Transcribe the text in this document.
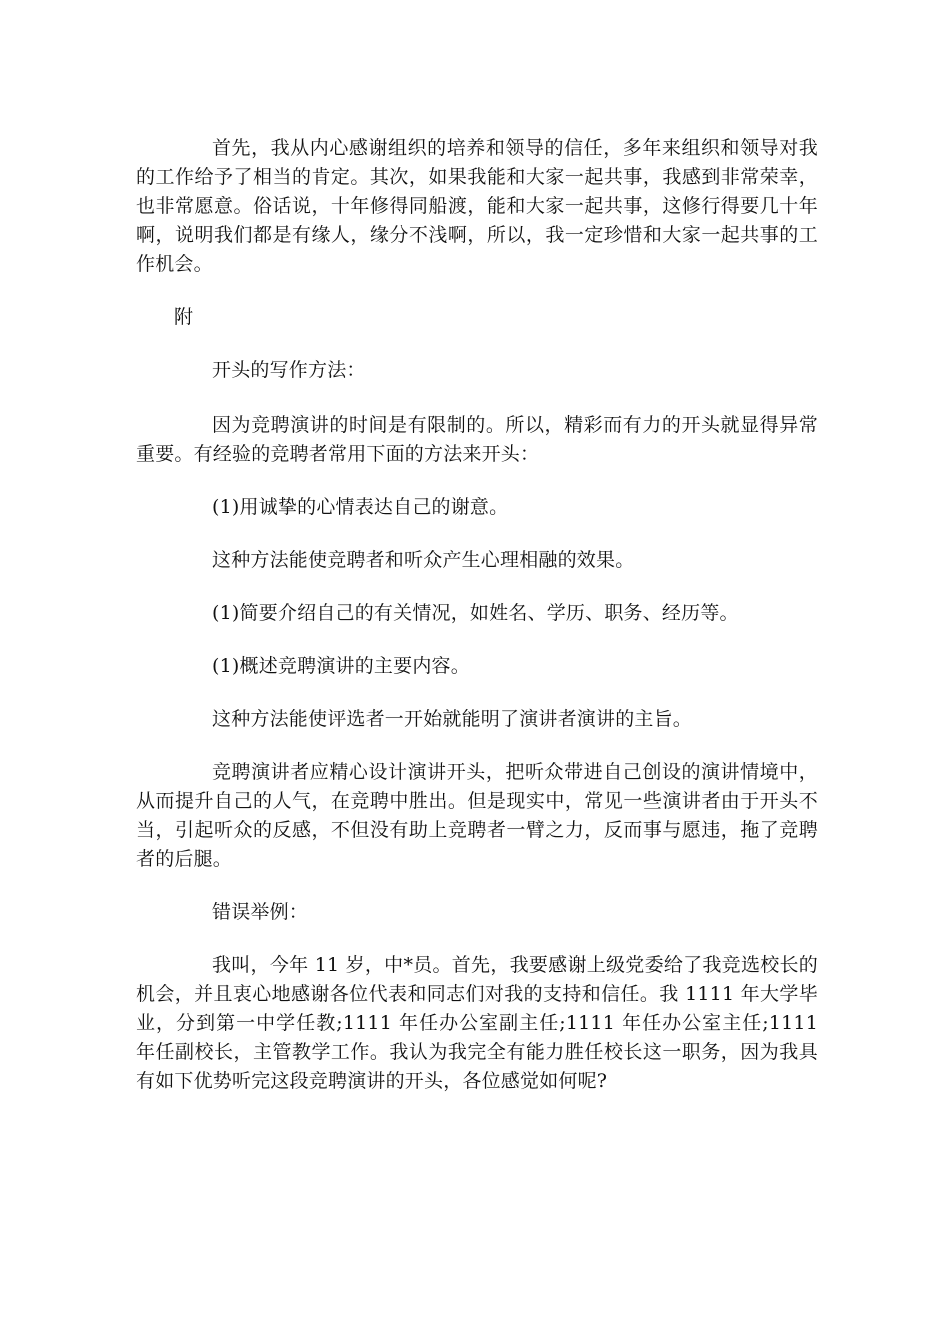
首先，我从内心感谢组织的培养和领导的信任，多年来组织和领导对我的工作给予了相当的肯定。其次，如果我能和大家一起共事，我感到非常荣幸，也非常愿意。俗话说，十年修得同船渡，能和大家一起共事，这修行得要几十年啊，说明我们都是有缘人，缘分不浅啊，所以，我一定珍惜和大家一起共事的工作机会。

附

开头的写作方法：

因为竞聘演讲的时间是有限制的。所以，精彩而有力的开头就显得异常重要。有经验的竞聘者常用下面的方法来开头：

(1)用诚挚的心情表达自己的谢意。

这种方法能使竞聘者和听众产生心理相融的效果。

(1)简要介绍自己的有关情况，如姓名、学历、职务、经历等。

(1)概述竞聘演讲的主要内容。

这种方法能使评选者一开始就能明了演讲者演讲的主旨。

竞聘演讲者应精心设计演讲开头，把听众带进自己创设的演讲情境中，从而提升自己的人气，在竞聘中胜出。但是现实中，常见一些演讲者由于开头不当，引起听众的反感，不但没有助上竞聘者一臂之力，反而事与愿违，拖了竞聘者的后腿。

错误举例：

我叫，今年 11 岁，中*员。首先，我要感谢上级党委给了我竞选校长的机会，并且衷心地感谢各位代表和同志们对我的支持和信任。我 1111 年大学毕业，分到第一中学任教;1111 年任办公室副主任;1111 年任办公室主任;1111 年任副校长，主管教学工作。我认为我完全有能力胜任校长这一职务，因为我具有如下优势听完这段竞聘演讲的开头，各位感觉如何呢?
